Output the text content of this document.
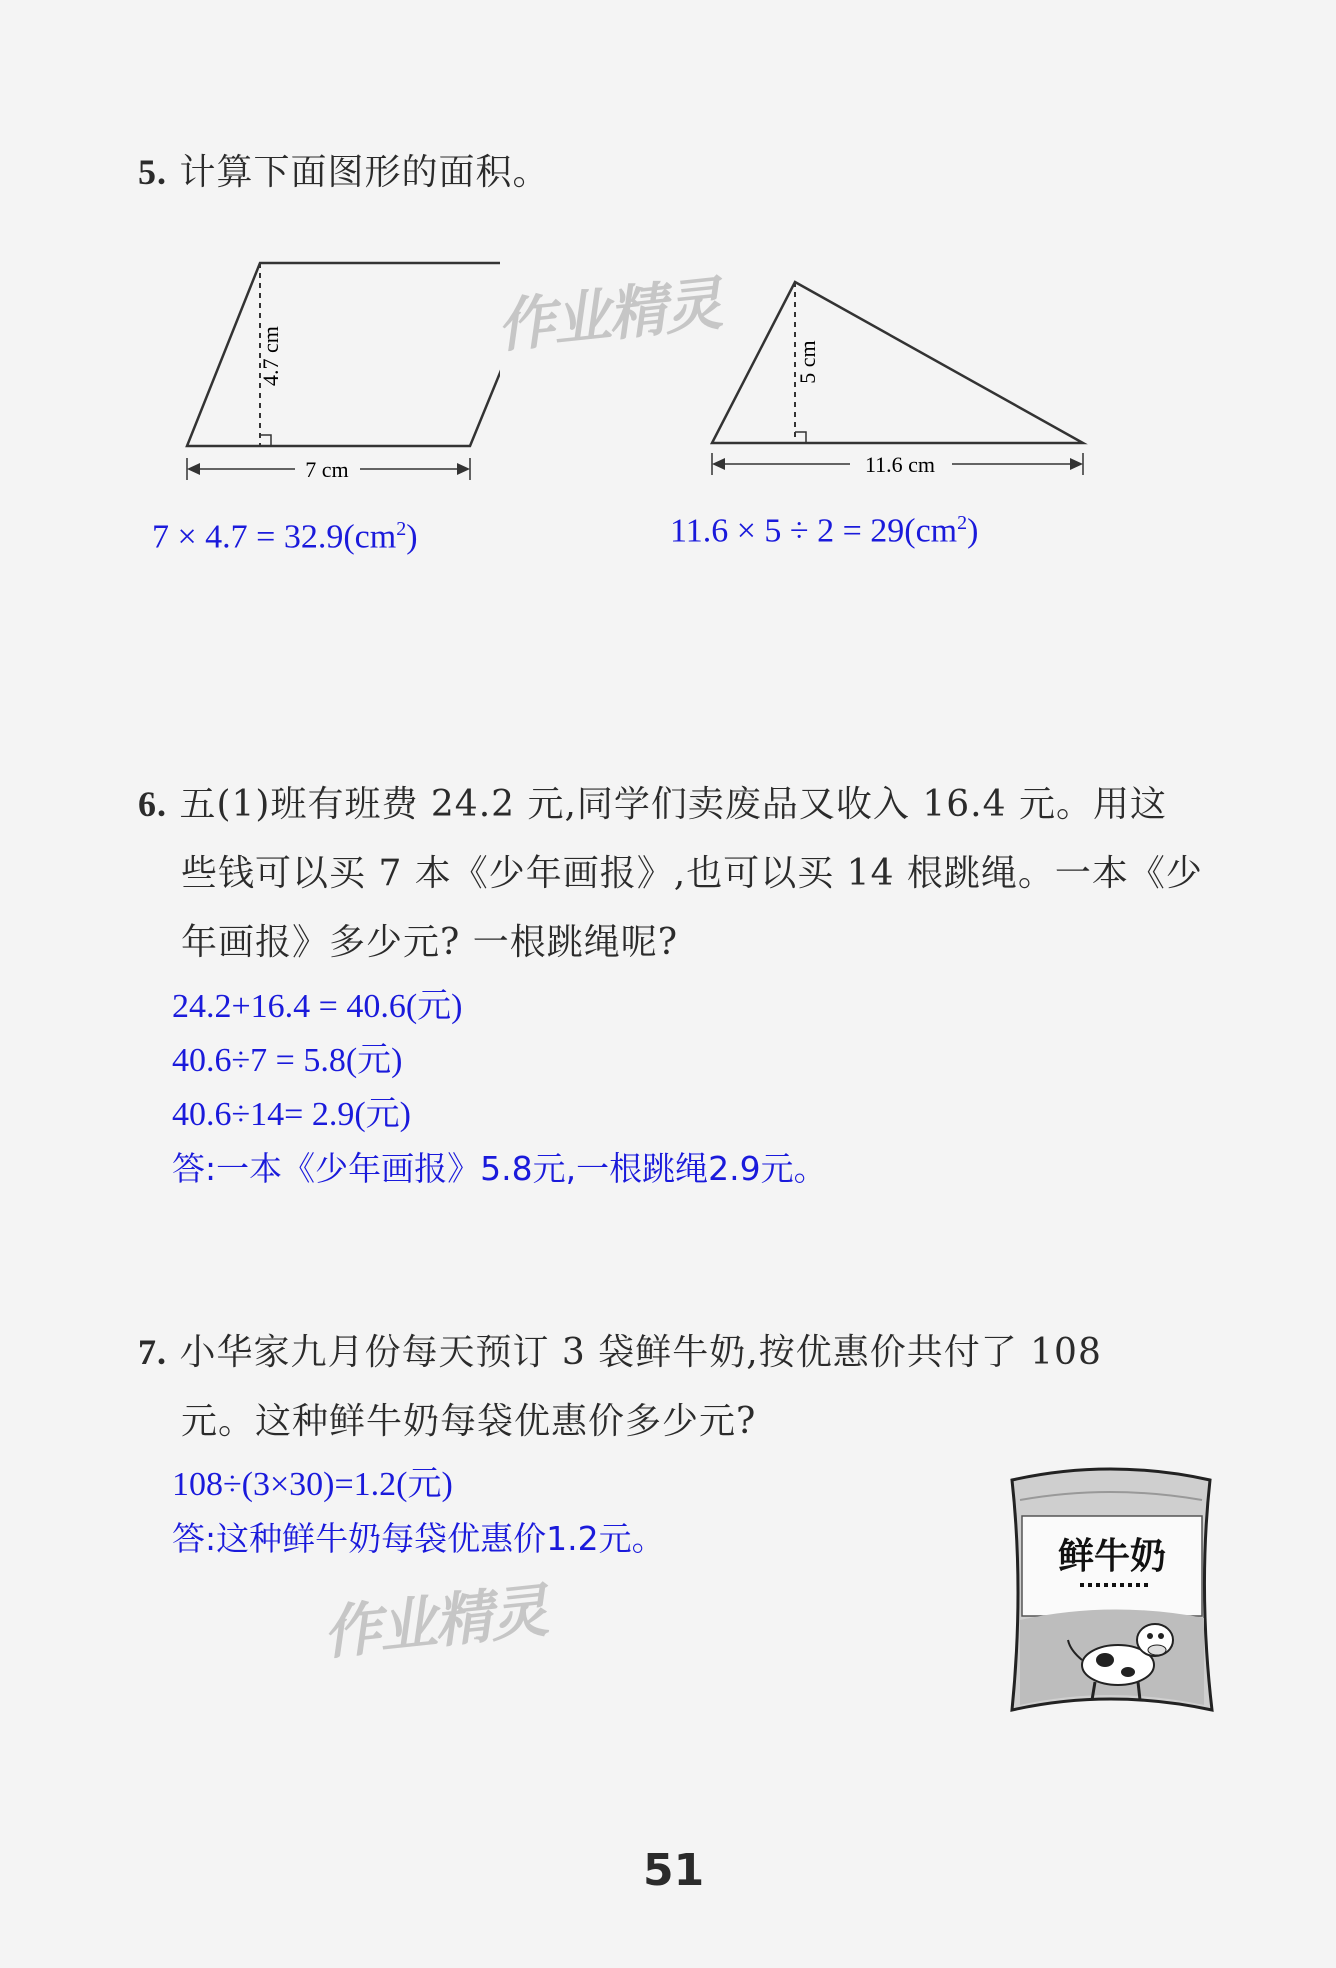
5. 计算下面图形的面积。
4.7 cm
7 cm
5 cm
11.6 cm
$7 \times 4.7 = 32.9(cm^2)$	$11.6 \times 5 \div 2 = 29(cm^2)$
作业精灵
6. 五(1)班有班费 24.2 元,同学们卖废品又收入 16.4 元。用这
些钱可以买 7 本《少年画报》,也可以买 14 根跳绳。一本《少
年画报》多少元? 一根跳绳呢?
24.2+16.4 = 40.6(元)
40.6÷7 = 5.8(元)
40.6÷14= 2.9(元)
答:一本《少年画报》5.8元,一根跳绳2.9元。
7. 小华家九月份每天预订 3 袋鲜牛奶,按优惠价共付了 108
元。这种鲜牛奶每袋优惠价多少元?
108÷(3×30)=1.2(元)
答:这种鲜牛奶每袋优惠价1.2元。
作业精灵
鲜牛奶
51
